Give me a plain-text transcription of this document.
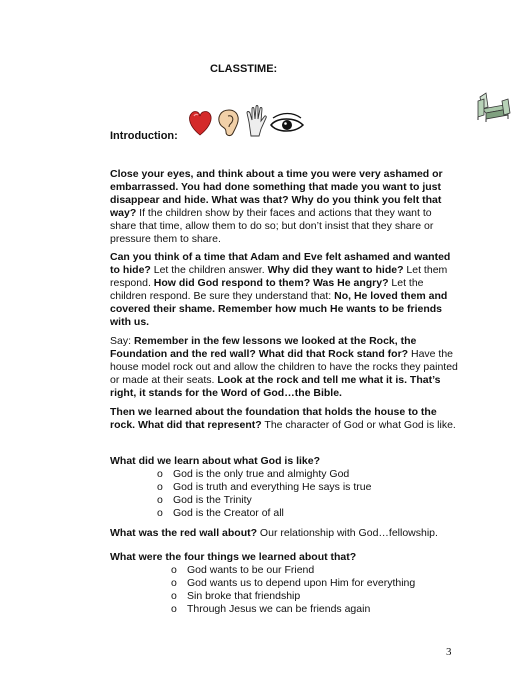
CLASSTIME:
Introduction:
Close your eyes, and think about a time you were very ashamed or embarrassed. You had done something that made you want to just disappear and hide. What was that? Why do you think you felt that way? If the children show by their faces and actions that they want to share that time, allow them to do so; but don’t insist that they share or pressure them to share.
Can you think of a time that Adam and Eve felt ashamed and wanted to hide? Let the children answer. Why did they want to hide? Let them respond. How did God respond to them? Was He angry? Let the children respond. Be sure they understand that: No, He loved them and covered their shame. Remember how much He wants to be friends with us.
Say: Remember in the few lessons we looked at the Rock, the Foundation and the red wall? What did that Rock stand for? Have the house model rock out and allow the children to have the rocks they painted or made at their seats. Look at the rock and tell me what it is. That’s right, it stands for the Word of God…the Bible.
Then we learned about the foundation that holds the house to the rock. What did that represent? The character of God or what God is like.
What did we learn about what God is like?
o God is the only true and almighty God
o God is truth and everything He says is true
o God is the Trinity
o God is the Creator of all
What was the red wall about? Our relationship with God…fellowship.
What were the four things we learned about that?
o God wants to be our Friend
o God wants us to depend upon Him for everything
o Sin broke that friendship
o Through Jesus we can be friends again
3
